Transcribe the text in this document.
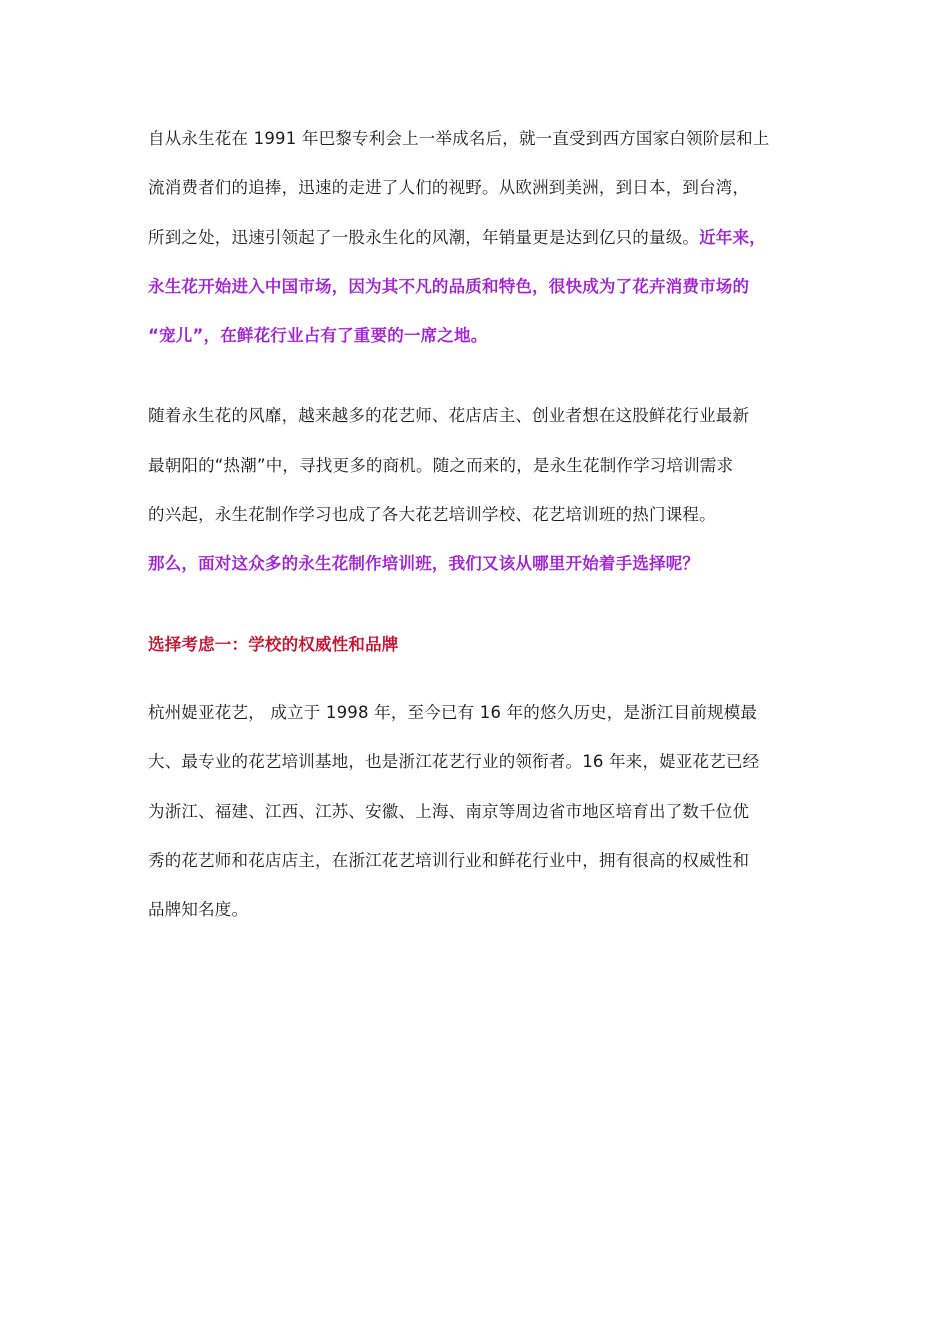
自从永生花在 1991 年巴黎专利会上一举成名后，就一直受到西方国家白领阶层和上
流消费者们的追捧，迅速的走进了人们的视野。从欧洲到美洲，到日本，到台湾，
所到之处，迅速引领起了一股永生化的风潮，年销量更是达到亿只的量级。近年来，
永生花开始进入中国市场，因为其不凡的品质和特色，很快成为了花卉消费市场的
“宠儿”，在鲜花行业占有了重要的一席之地。
随着永生花的风靡，越来越多的花艺师、花店店主、创业者想在这股鲜花行业最新
最朝阳的“热潮”中，寻找更多的商机。随之而来的，是永生花制作学习培训需求
的兴起，永生花制作学习也成了各大花艺培训学校、花艺培训班的热门课程。
那么，面对这众多的永生花制作培训班，我们又该从哪里开始着手选择呢？
选择考虑一：学校的权威性和品牌
杭州媞亚花艺， 成立于 1998 年，至今已有 16 年的悠久历史，是浙江目前规模最
大、最专业的花艺培训基地，也是浙江花艺行业的领衔者。16 年来，媞亚花艺已经
为浙江、福建、江西、江苏、安徽、上海、南京等周边省市地区培育出了数千位优
秀的花艺师和花店店主，在浙江花艺培训行业和鲜花行业中，拥有很高的权威性和
品牌知名度。
